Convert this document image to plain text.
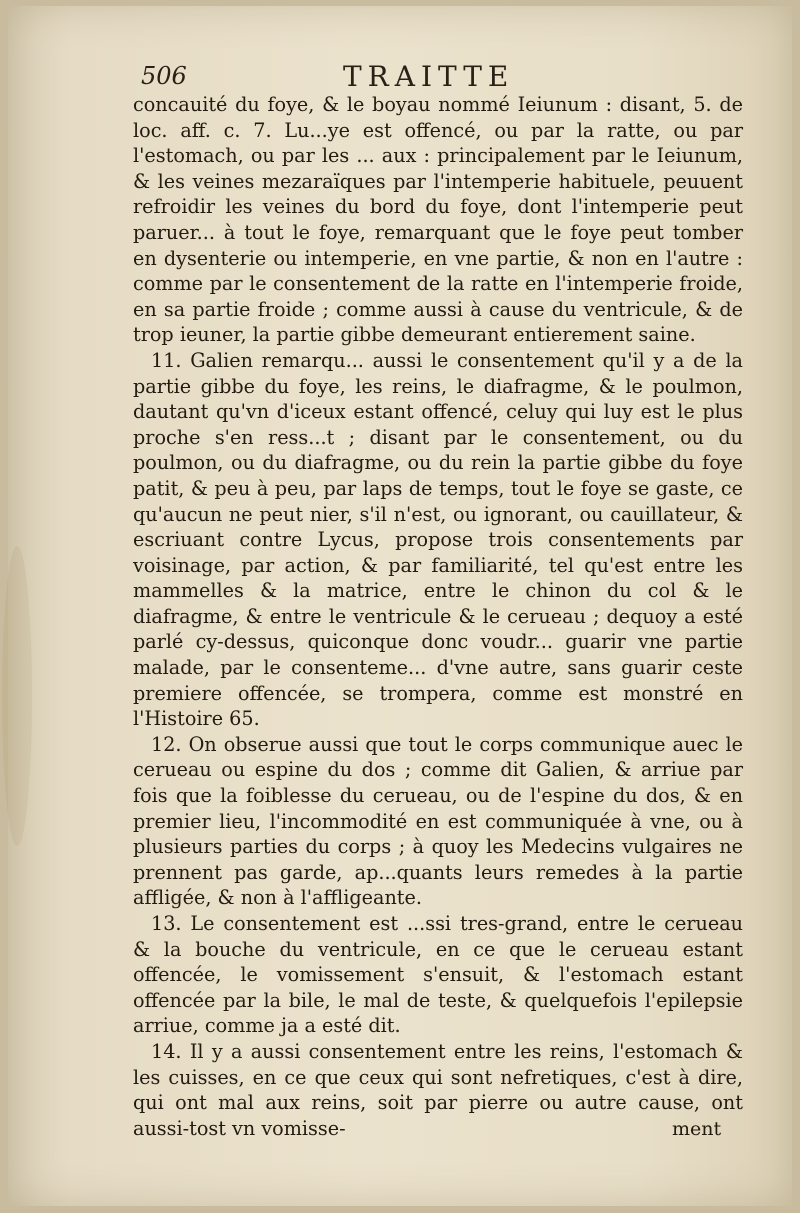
506	TRAITTE

concauité du foye, & le boyau nommé Ieiunum : disant, 5. de loc. aff. c. 7. Lu...ye est offencé, ou par la ratte, ou par l'estomach, ou par les ... aux : principalement par le Ieiunum, & les veines mezaraïques par l'intemperie habituele, peuuent refroidir les veines du bord du foye, dont l'intemperie peut paruer... à tout le foye, remarquant que le foye peut tomber en dysenterie ou intemperie, en vne partie, & non en l'autre : comme par le consentement de la ratte en l'intemperie froide, en sa partie froide ; comme aussi à cause du ventricule, & de trop ieuner, la partie gibbe demeurant entierement saine.

11. Galien remarqu... aussi le consentement qu'il y a de la partie gibbe du foye, les reins, le diafragme, & le poulmon, dautant qu'vn d'iceux estant offencé, celuy qui luy est le plus proche s'en ress...t ; disant par le consentement, ou du poulmon, ou du diafragme, ou du rein la partie gibbe du foye patit, & peu à peu, par laps de temps, tout le foye se gaste, ce qu'aucun ne peut nier, s'il n'est, ou ignorant, ou cauillateur, & escriuant contre Lycus, propose trois consentements par voisinage, par action, & par familiarité, tel qu'est entre les mammelles & la matrice, entre le chinon du col & le diafragme, & entre le ventricule & le cerueau ; dequoy a esté parlé cy-dessus, quiconque donc voudr... guarir vne partie malade, par le consenteme... d'vne autre, sans guarir ceste premiere offencée, se trompera, comme est monstré en l'Histoire 65.

12. On obserue aussi que tout le corps communique auec le cerueau ou espine du dos ; comme dit Galien, & arriue par fois que la foiblesse du cerueau, ou de l'espine du dos, & en premier lieu, l'incommodité en est communiquée à vne, ou à plusieurs parties du corps ; à quoy les Medecins vulgaires ne prennent pas garde, ap...quants leurs remedes à la partie affligée, & non à l'affligeante.

13. Le consentement est ...ssi tres-grand, entre le cerueau & la bouche du ventricule, en ce que le cerueau estant offencée, le vomissement s'ensuit, & l'estomach estant offencée par la bile, le mal de teste, & quelquefois l'epilepsie arriue, comme ja a esté dit.

14. Il y a aussi consentement entre les reins, l'estomach & les cuisses, en ce que ceux qui sont nefretiques, c'est à dire, qui ont mal aux reins, soit par pierre ou autre cause, ont aussi-tost vn vomisse-	ment
